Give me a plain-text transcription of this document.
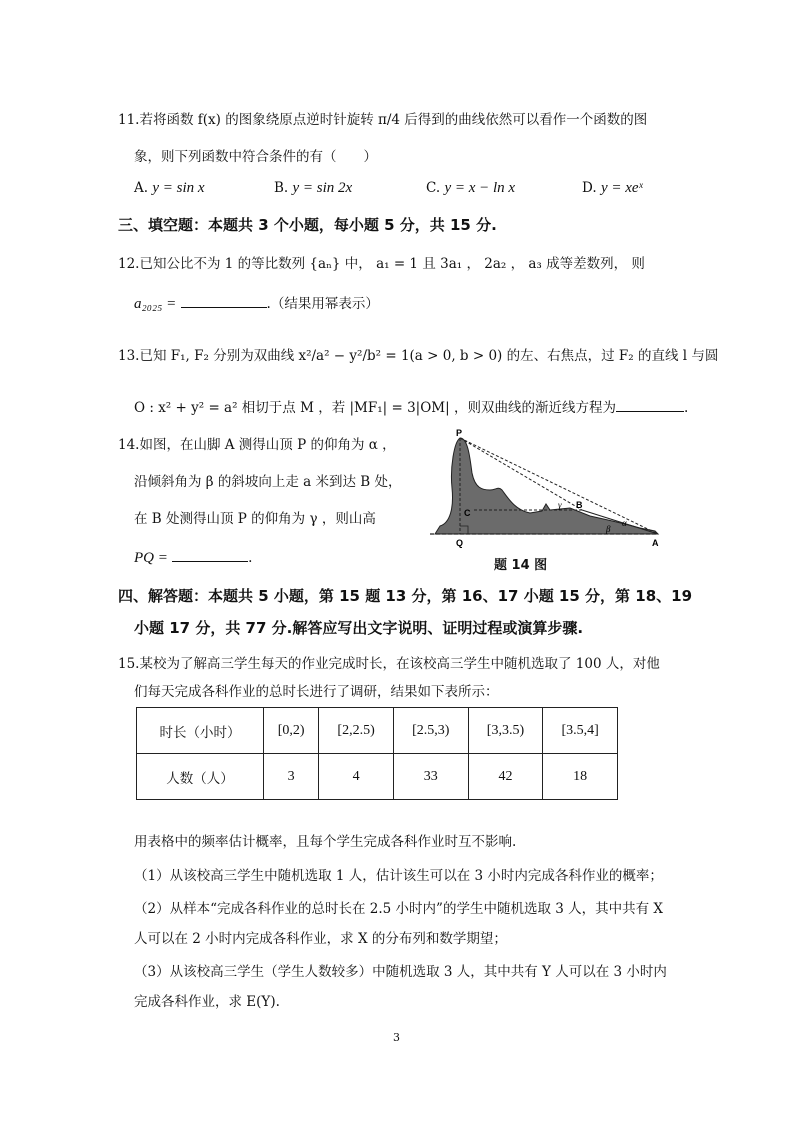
11.若将函数 f(x) 的图象绕原点逆时针旋转 π/4 后得到的曲线依然可以看作一个函数的图
象，则下列函数中符合条件的有（　　）
A. y = sin x	B. y = sin 2x	C. y = x − ln x	D. y = xeˣ
三、填空题：本题共 3 个小题，每小题 5 分，共 15 分.
12.已知公比不为 1 的等比数列 {aₙ} 中， a₁ = 1 且 3a₁ ， 2a₂ ， a₃ 成等差数列， 则
a₂₀₂₅ =	.（结果用幂表示）
13.已知 F₁, F₂ 分别为双曲线 x²/a² − y²/b² = 1(a > 0, b > 0) 的左、右焦点，过 F₂ 的直线 l 与圆
O : x² + y² = a² 相切于点 M ，若 |MF₁| = 3|OM| ，则双曲线的渐近线方程为	.
14.如图，在山脚 A 测得山顶 P 的仰角为 α ，
沿倾斜角为 β 的斜坡向上走 a 米到达 B 处，
在 B 处测得山顶 P 的仰角为 γ ，则山高
PQ =	.
P
C
Q
B
A
γ
β
α
题 14 图
四、解答题：本题共 5 小题，第 15 题 13 分，第 16、17 小题 15 分，第 18、19
小题 17 分，共 77 分.解答应写出文字说明、证明过程或演算步骤.
15.某校为了解高三学生每天的作业完成时长，在该校高三学生中随机选取了 100 人，对他
们每天完成各科作业的总时长进行了调研，结果如下表所示：
时长（小时）	[0,2)	[2,2.5)	[2.5,3)	[3,3.5)	[3.5,4]
人数（人）	3	4	33	42	18
用表格中的频率估计概率，且每个学生完成各科作业时互不影响.
（1）从该校高三学生中随机选取 1 人，估计该生可以在 3 小时内完成各科作业的概率；
（2）从样本“完成各科作业的总时长在 2.5 小时内”的学生中随机选取 3 人，其中共有 X
人可以在 2 小时内完成各科作业，求 X 的分布列和数学期望；
（3）从该校高三学生（学生人数较多）中随机选取 3 人，其中共有 Y 人可以在 3 小时内
完成各科作业，求 E(Y).
3
